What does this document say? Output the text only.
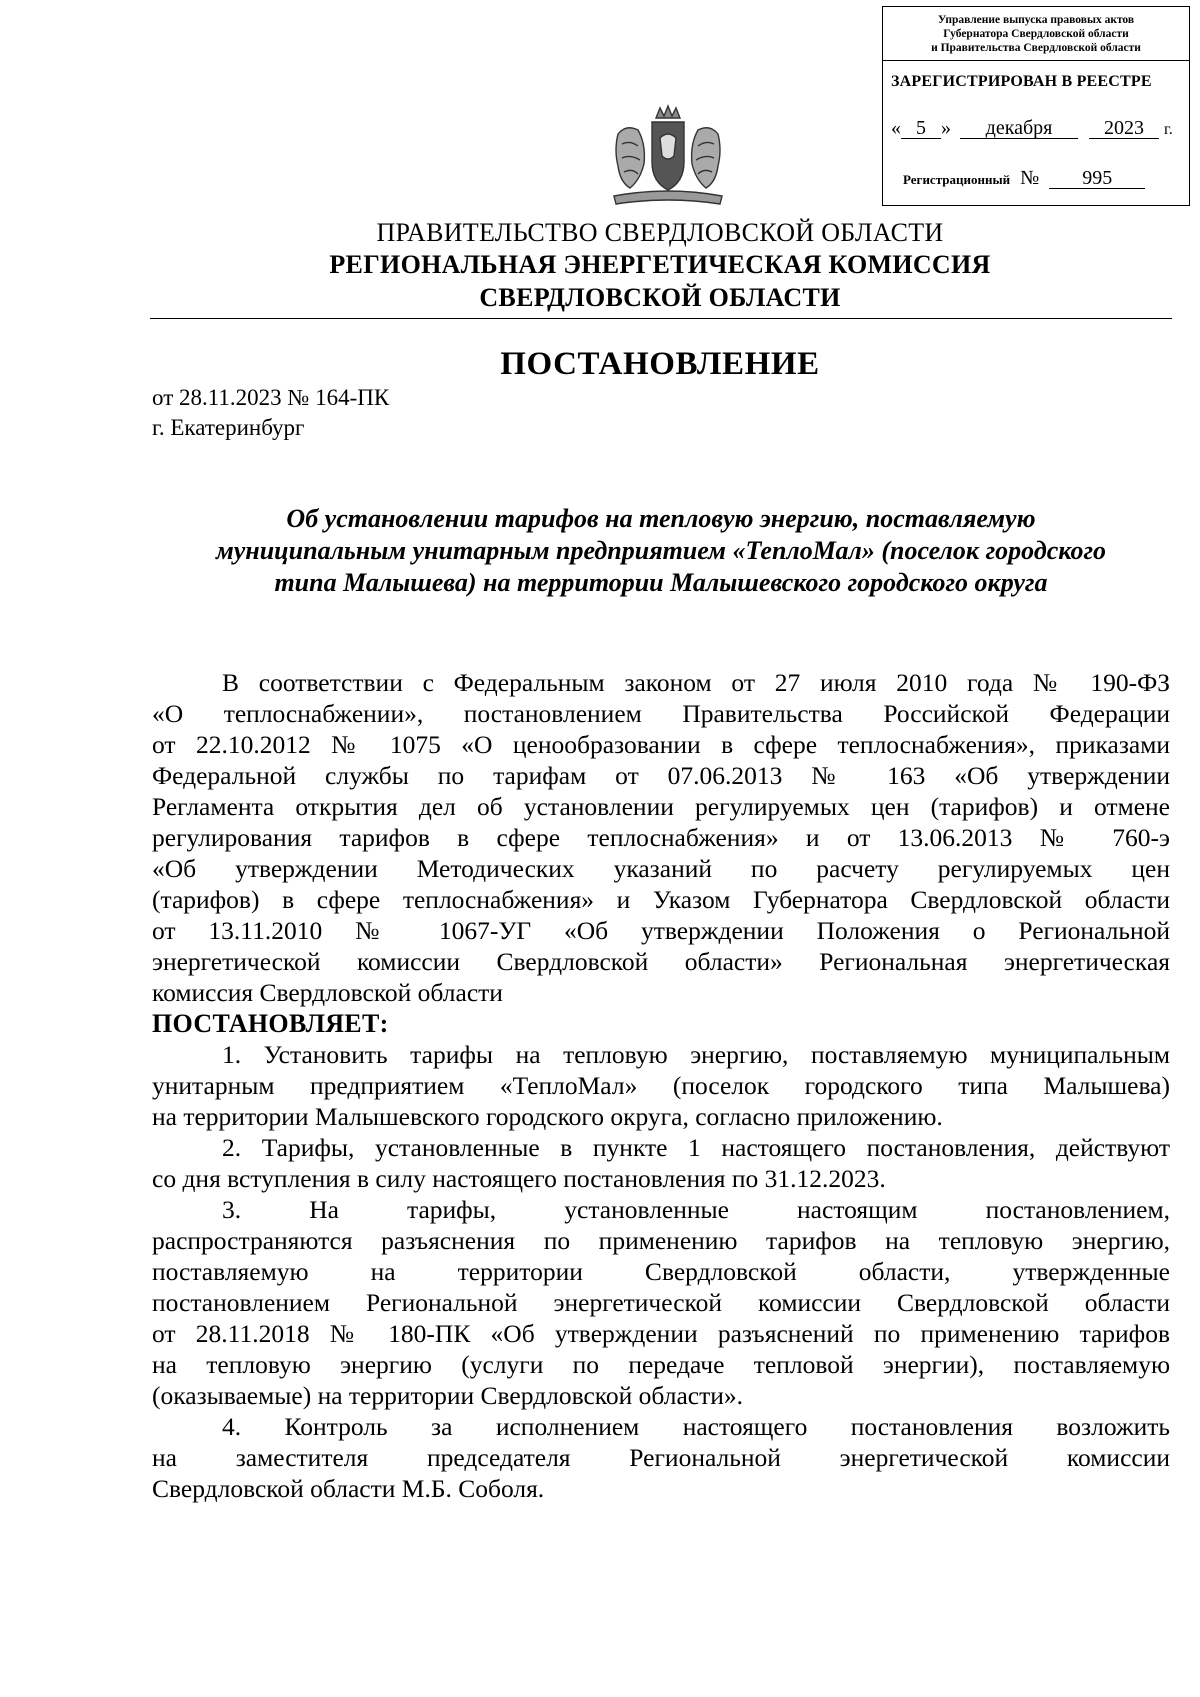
Управление выпуска правовых актов
Губернатора Свердловской области
и Правительства Свердловской области
ЗАРЕГИСТРИРОВАН В РЕЕСТРЕ
« 5 » декабря	2023 г.
Регистрационный № 995
ПРАВИТЕЛЬСТВО СВЕРДЛОВСКОЙ ОБЛАСТИ
РЕГИОНАЛЬНАЯ ЭНЕРГЕТИЧЕСКАЯ КОМИССИЯ
СВЕРДЛОВСКОЙ ОБЛАСТИ
ПОСТАНОВЛЕНИЕ
от 28.11.2023 № 164-ПК
г. Екатеринбург
Об установлении тарифов на тепловую энергию, поставляемую
муниципальным унитарным предприятием «ТеплоМал» (поселок городского
типа Малышева) на территории Малышевского городского округа
В соответствии с Федеральным законом от 27 июля 2010 года № 190-ФЗ
«О теплоснабжении», постановлением Правительства Российской Федерации
от 22.10.2012 № 1075 «О ценообразовании в сфере теплоснабжения», приказами
Федеральной службы по тарифам от 07.06.2013 № 163 «Об утверждении
Регламента открытия дел об установлении регулируемых цен (тарифов) и отмене
регулирования тарифов в сфере теплоснабжения» и от 13.06.2013 № 760-э
«Об утверждении Методических указаний по расчету регулируемых цен
(тарифов) в сфере теплоснабжения» и Указом Губернатора Свердловской области
от 13.11.2010 № 1067-УГ «Об утверждении Положения о Региональной
энергетической комиссии Свердловской области» Региональная энергетическая
комиссия Свердловской области
ПОСТАНОВЛЯЕТ:
1. Установить тарифы на тепловую энергию, поставляемую муниципальным
унитарным предприятием «ТеплоМал» (поселок городского типа Малышева)
на территории Малышевского городского округа, согласно приложению.
2. Тарифы, установленные в пункте 1 настоящего постановления, действуют
со дня вступления в силу настоящего постановления по 31.12.2023.
3. На тарифы, установленные настоящим постановлением,
распространяются разъяснения по применению тарифов на тепловую энергию,
поставляемую на территории Свердловской области, утвержденные
постановлением Региональной энергетической комиссии Свердловской области
от 28.11.2018 № 180-ПК «Об утверждении разъяснений по применению тарифов
на тепловую энергию (услуги по передаче тепловой энергии), поставляемую
(оказываемые) на территории Свердловской области».
4. Контроль за исполнением настоящего постановления возложить
на заместителя председателя Региональной энергетической комиссии
Свердловской области М.Б. Соболя.
